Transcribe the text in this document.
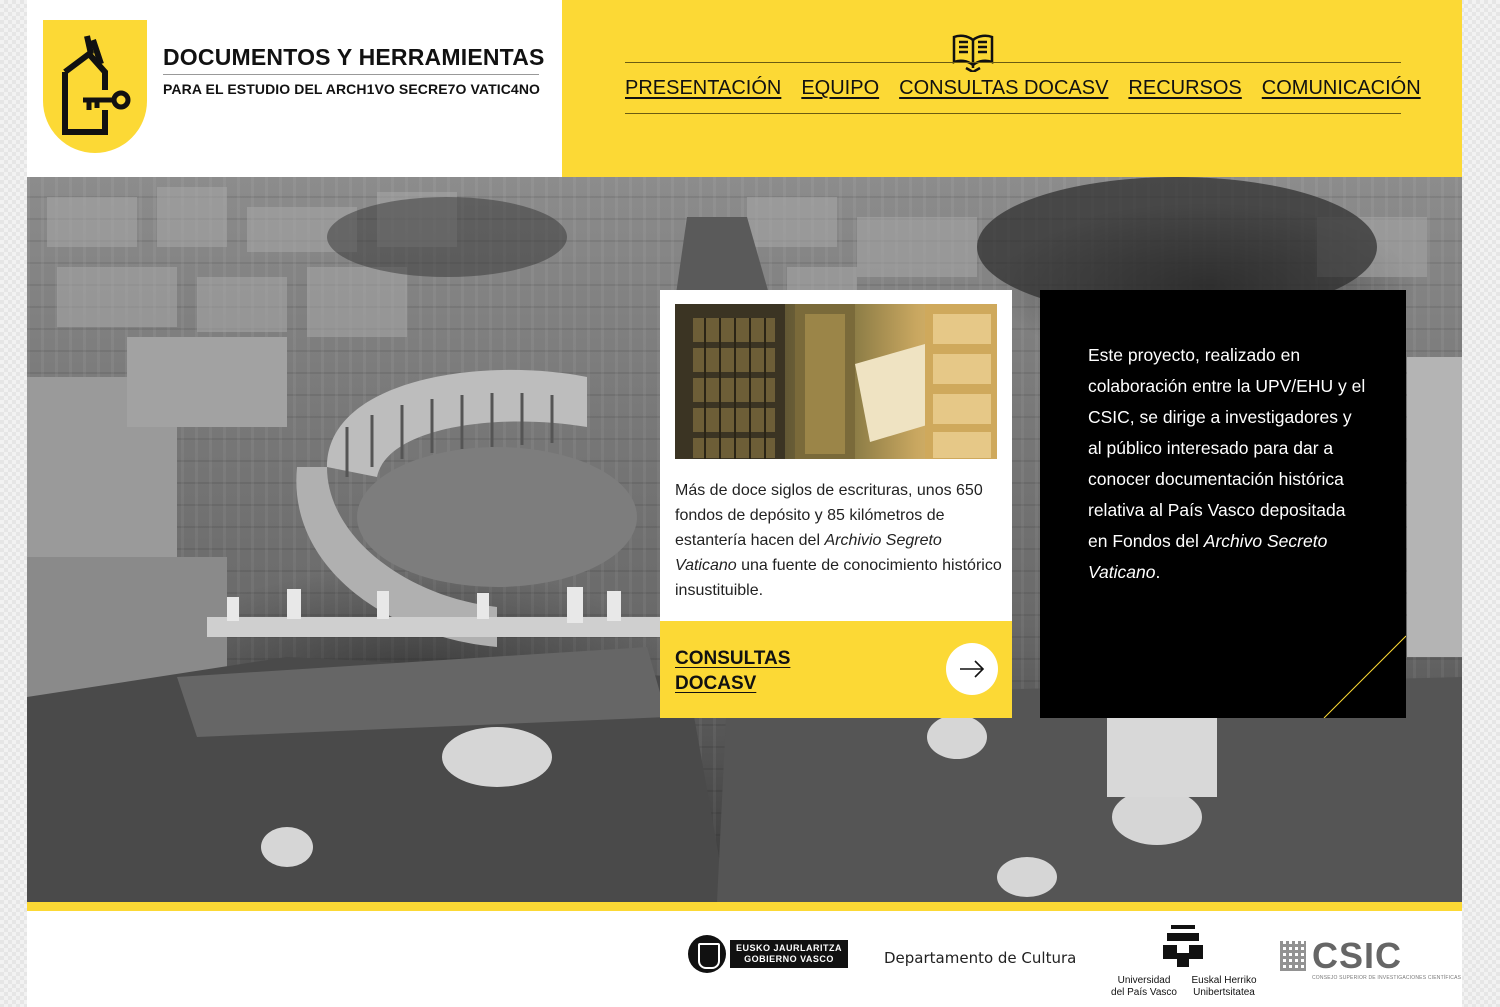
DOCUMENTOS Y HERRAMIENTAS
PARA EL ESTUDIO DEL ARCH1VO SECRE7O VATIC4NO	PRESENTACIÓN EQUIPO CONSULTAS DOCASV RECURSOS COMUNICACIÓN
Más de doce siglos de escrituras, unos 650 fondos de depósito y 85 kilómetros de estantería hacen del Archivio Segreto Vaticano una fuente de conocimiento histórico insustituible.
CONSULTAS
DOCASV
Este proyecto, realizado en colaboración entre la UPV/EHU y el CSIC, se dirige a investigadores y al público interesado para dar a conocer documentación histórica relativa al País Vasco depositada en Fondos del Archivo Secreto Vaticano.
EUSKO JAURLARITZA
GOBIERNO VASCO	Departamento de Cultura
Universidad
del País Vasco
Euskal Herriko
Unibertsitatea
CSIC
CONSEJO SUPERIOR DE INVESTIGACIONES CIENTÍFICAS
